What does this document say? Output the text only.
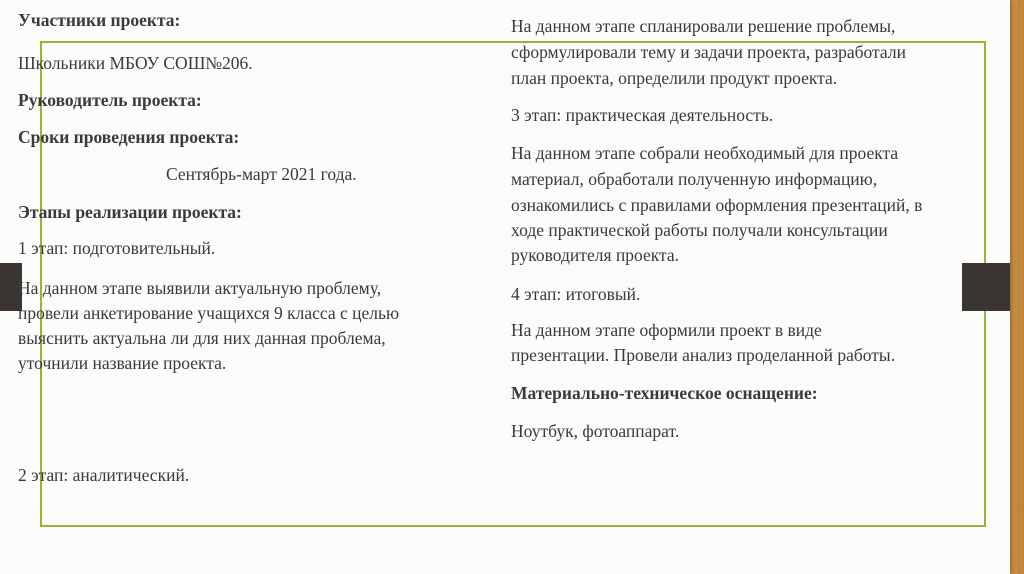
Участники проекта:
Школьники МБОУ СОШ№206.
Руководитель проекта:
Сроки проведения проекта:
Сентябрь-март 2021 года.
Этапы реализации проекта:
1 этап: подготовительный.
На данном этапе выявили актуальную проблему,
провели анкетирование учащихся 9 класса с целью
выяснить актуальна ли для них данная проблема,
уточнили название проекта.
2 этап: аналитический.
На данном этапе спланировали решение проблемы,
сформулировали тему и задачи проекта, разработали
план проекта, определили продукт проекта.
3 этап: практическая деятельность.
На данном этапе собрали необходимый для проекта
материал, обработали полученную информацию,
ознакомились с правилами оформления презентаций, в
ходе практической работы получали консультации
руководителя проекта.
4 этап: итоговый.
На данном этапе оформили проект в виде
презентации. Провели анализ проделанной работы.
Материально-техническое оснащение:
Ноутбук, фотоаппарат.
